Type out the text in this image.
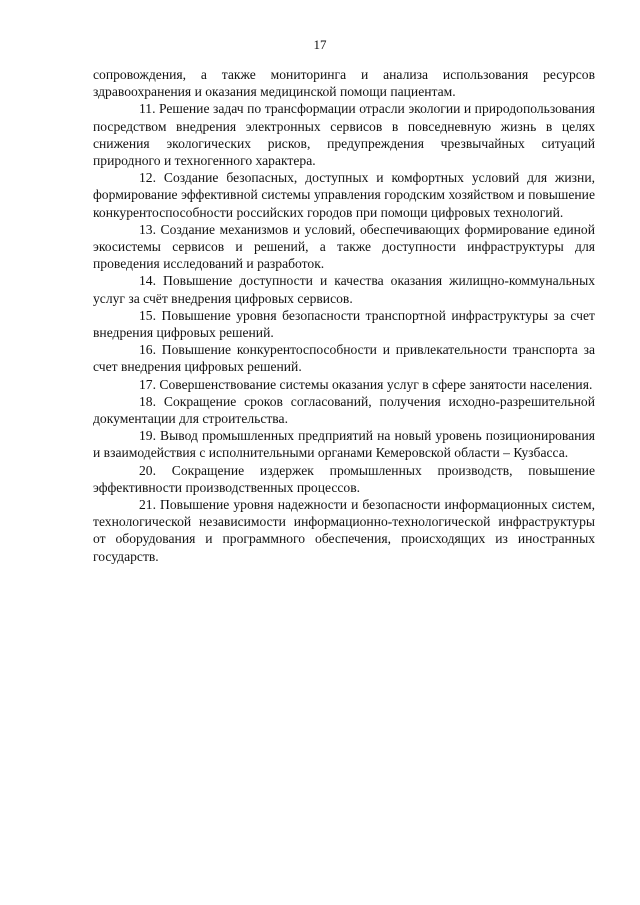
17

сопровождения, а также мониторинга и анализа использования ресурсов здравоохранения и оказания медицинской помощи пациентам.

11. Решение задач по трансформации отрасли экологии и природопользования посредством внедрения электронных сервисов в повседневную жизнь в целях снижения экологических рисков, предупреждения чрезвычайных ситуаций природного и техногенного характера.

12. Создание безопасных, доступных и комфортных условий для жизни, формирование эффективной системы управления городским хозяйством и повышение конкурентоспособности российских городов при помощи цифровых технологий.

13. Создание механизмов и условий, обеспечивающих формирование единой экосистемы сервисов и решений, а также доступности инфраструктуры для проведения исследований и разработок.

14. Повышение доступности и качества оказания жилищно-коммунальных услуг за счёт внедрения цифровых сервисов.

15. Повышение уровня безопасности транспортной инфраструктуры за счет внедрения цифровых решений.

16. Повышение конкурентоспособности и привлекательности транспорта за счет внедрения цифровых решений.

17. Совершенствование системы оказания услуг в сфере занятости населения.

18. Сокращение сроков согласований, получения исходно-разрешительной документации для строительства.

19. Вывод промышленных предприятий на новый уровень позиционирования и взаимодействия с исполнительными органами Кемеровской области – Кузбасса.

20. Сокращение издержек промышленных производств, повышение эффективности производственных процессов.

21. Повышение уровня надежности и безопасности информационных систем, технологической независимости информационно-технологической инфраструктуры от оборудования и программного обеспечения, происходящих из иностранных государств.
